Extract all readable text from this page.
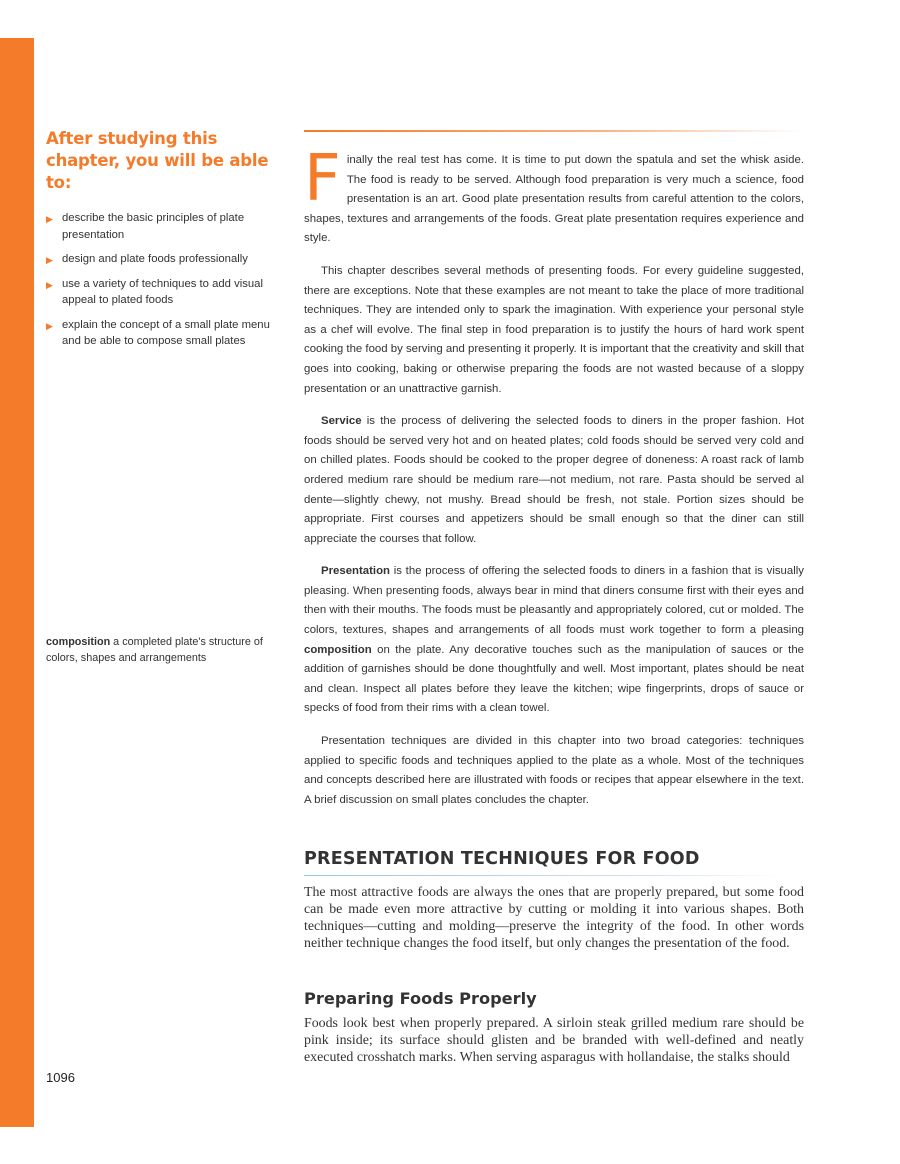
After studying this chapter, you will be able to:
▶ describe the basic principles of plate presentation
▶ design and plate foods professionally
▶ use a variety of techniques to add visual appeal to plated foods
▶ explain the concept of a small plate menu and be able to compose small plates
composition a completed plate's structure of colors, shapes and arrangements

Finally the real test has come. It is time to put down the spatula and set the whisk aside. The food is ready to be served. Although food preparation is very much a science, food presentation is an art. Good plate presentation results from careful attention to the colors, shapes, textures and arrangements of the foods. Great plate presentation requires experience and style.

This chapter describes several methods of presenting foods. For every guideline suggested, there are exceptions. Note that these examples are not meant to take the place of more traditional techniques. They are intended only to spark the imagination. With experience your personal style as a chef will evolve. The final step in food preparation is to justify the hours of hard work spent cooking the food by serving and presenting it properly. It is important that the creativity and skill that goes into cooking, baking or otherwise preparing the foods are not wasted because of a sloppy presentation or an unattractive garnish.

Service is the process of delivering the selected foods to diners in the proper fashion. Hot foods should be served very hot and on heated plates; cold foods should be served very cold and on chilled plates. Foods should be cooked to the proper degree of doneness: A roast rack of lamb ordered medium rare should be medium rare—not medium, not rare. Pasta should be served al dente—slightly chewy, not mushy. Bread should be fresh, not stale. Portion sizes should be appropriate. First courses and appetizers should be small enough so that the diner can still appreciate the courses that follow.

Presentation is the process of offering the selected foods to diners in a fashion that is visually pleasing. When presenting foods, always bear in mind that diners consume first with their eyes and then with their mouths. The foods must be pleasantly and appropriately colored, cut or molded. The colors, textures, shapes and arrangements of all foods must work together to form a pleasing composition on the plate. Any decorative touches such as the manipulation of sauces or the addition of garnishes should be done thoughtfully and well. Most important, plates should be neat and clean. Inspect all plates before they leave the kitchen; wipe fingerprints, drops of sauce or specks of food from their rims with a clean towel.

Presentation techniques are divided in this chapter into two broad categories: techniques applied to specific foods and techniques applied to the plate as a whole. Most of the techniques and concepts described here are illustrated with foods or recipes that appear elsewhere in the text. A brief discussion on small plates concludes the chapter.

PRESENTATION TECHNIQUES FOR FOOD

The most attractive foods are always the ones that are properly prepared, but some food can be made even more attractive by cutting or molding it into various shapes. Both techniques—cutting and molding—preserve the integrity of the food. In other words neither technique changes the food itself, but only changes the presentation of the food.

Preparing Foods Properly

Foods look best when properly prepared. A sirloin steak grilled medium rare should be pink inside; its surface should glisten and be branded with well-defined and neatly executed crosshatch marks. When serving asparagus with hollandaise, the stalks should

1096
